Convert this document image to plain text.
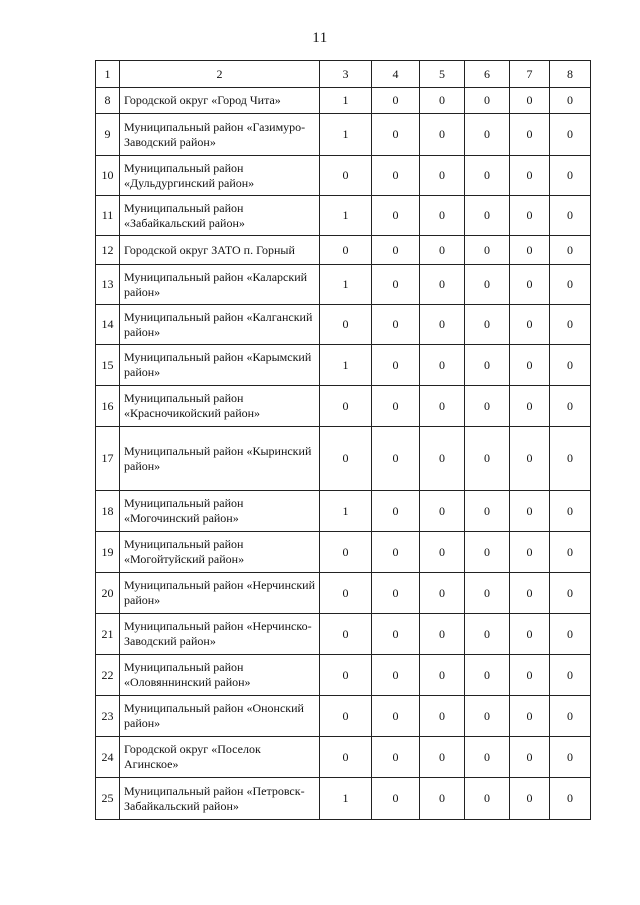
11
1	2	3	4	5	6	7	8
8	Городской округ «Город Чита»	1	0	0	0	0	0
9	Муниципальный район «Газимуро-Заводский район»	1	0	0	0	0	0
10	Муниципальный район «Дульдургинский район»	0	0	0	0	0	0
11	Муниципальный район «Забайкальский район»	1	0	0	0	0	0
12	Городской округ ЗАТО п. Горный	0	0	0	0	0	0
13	Муниципальный район «Каларский район»	1	0	0	0	0	0
14	Муниципальный район «Калганский район»	0	0	0	0	0	0
15	Муниципальный район «Карымский район»	1	0	0	0	0	0
16	Муниципальный район «Красночикойский район»	0	0	0	0	0	0
17	Муниципальный район «Кыринский район»	0	0	0	0	0	0
18	Муниципальный район «Могочинский район»	1	0	0	0	0	0
19	Муниципальный район «Могойтуйский район»	0	0	0	0	0	0
20	Муниципальный район «Нерчинский район»	0	0	0	0	0	0
21	Муниципальный район «Нерчинско-Заводский район»	0	0	0	0	0	0
22	Муниципальный район «Оловяннинский район»	0	0	0	0	0	0
23	Муниципальный район «Ононский район»	0	0	0	0	0	0
24	Городской округ «Поселок Агинское»	0	0	0	0	0	0
25	Муниципальный район «Петровск-Забайкальский район»	1	0	0	0	0	0
